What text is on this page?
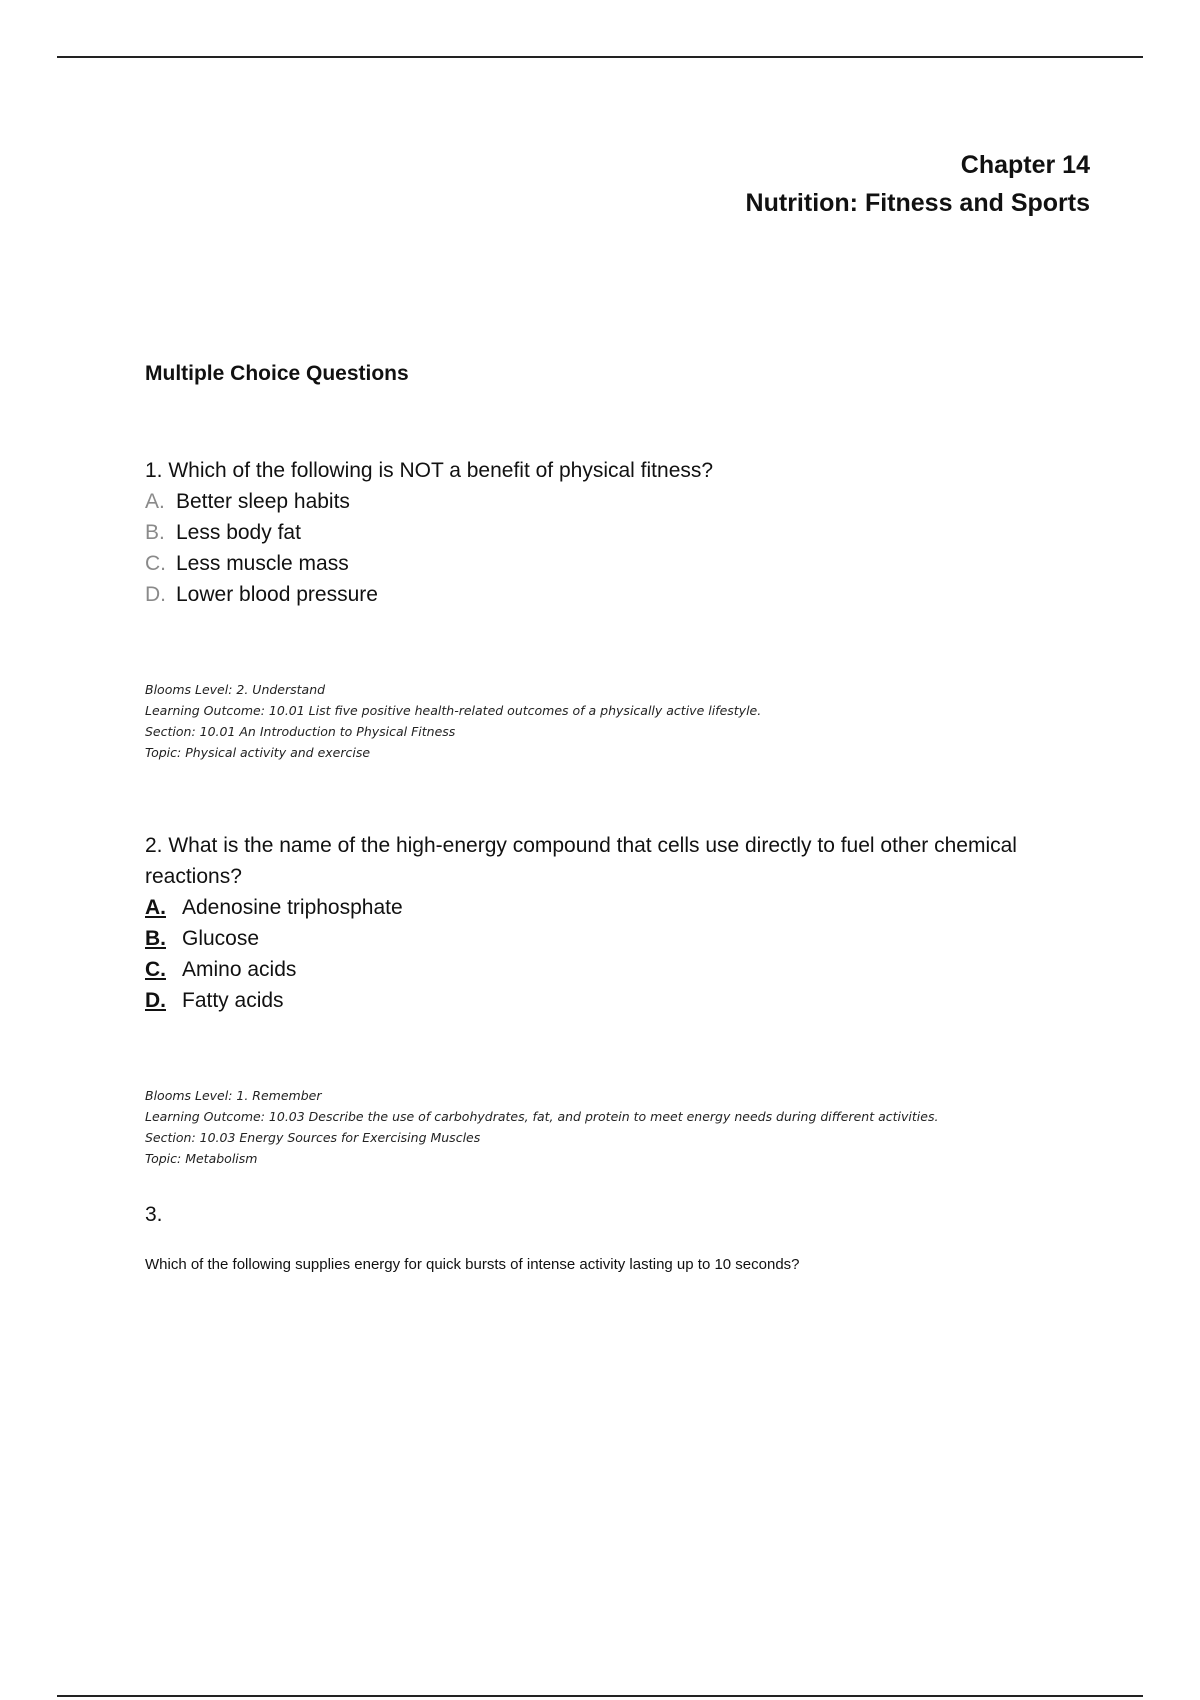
Chapter 14
Nutrition: Fitness and Sports
Multiple Choice Questions

1. Which of the following is NOT a benefit of physical fitness?

A. Better sleep habits
B. Less body fat
C. Less muscle mass
D. Lower blood pressure
Blooms Level: 2. Understand
Learning Outcome: 10.01 List five positive health-related outcomes of a physically active lifestyle.
Section: 10.01 An Introduction to Physical Fitness
Topic: Physical activity and exercise

2. What is the name of the high-energy compound that cells use directly to fuel other chemical reactions?

A. Adenosine triphosphate
B. Glucose
C. Amino acids
D. Fatty acids
Blooms Level: 1. Remember
Learning Outcome: 10.03 Describe the use of carbohydrates, fat, and protein to meet energy needs during different activities.
Section: 10.03 Energy Sources for Exercising Muscles
Topic: Metabolism
3.
Which of the following supplies energy for quick bursts of intense activity lasting up to 10 seconds?
